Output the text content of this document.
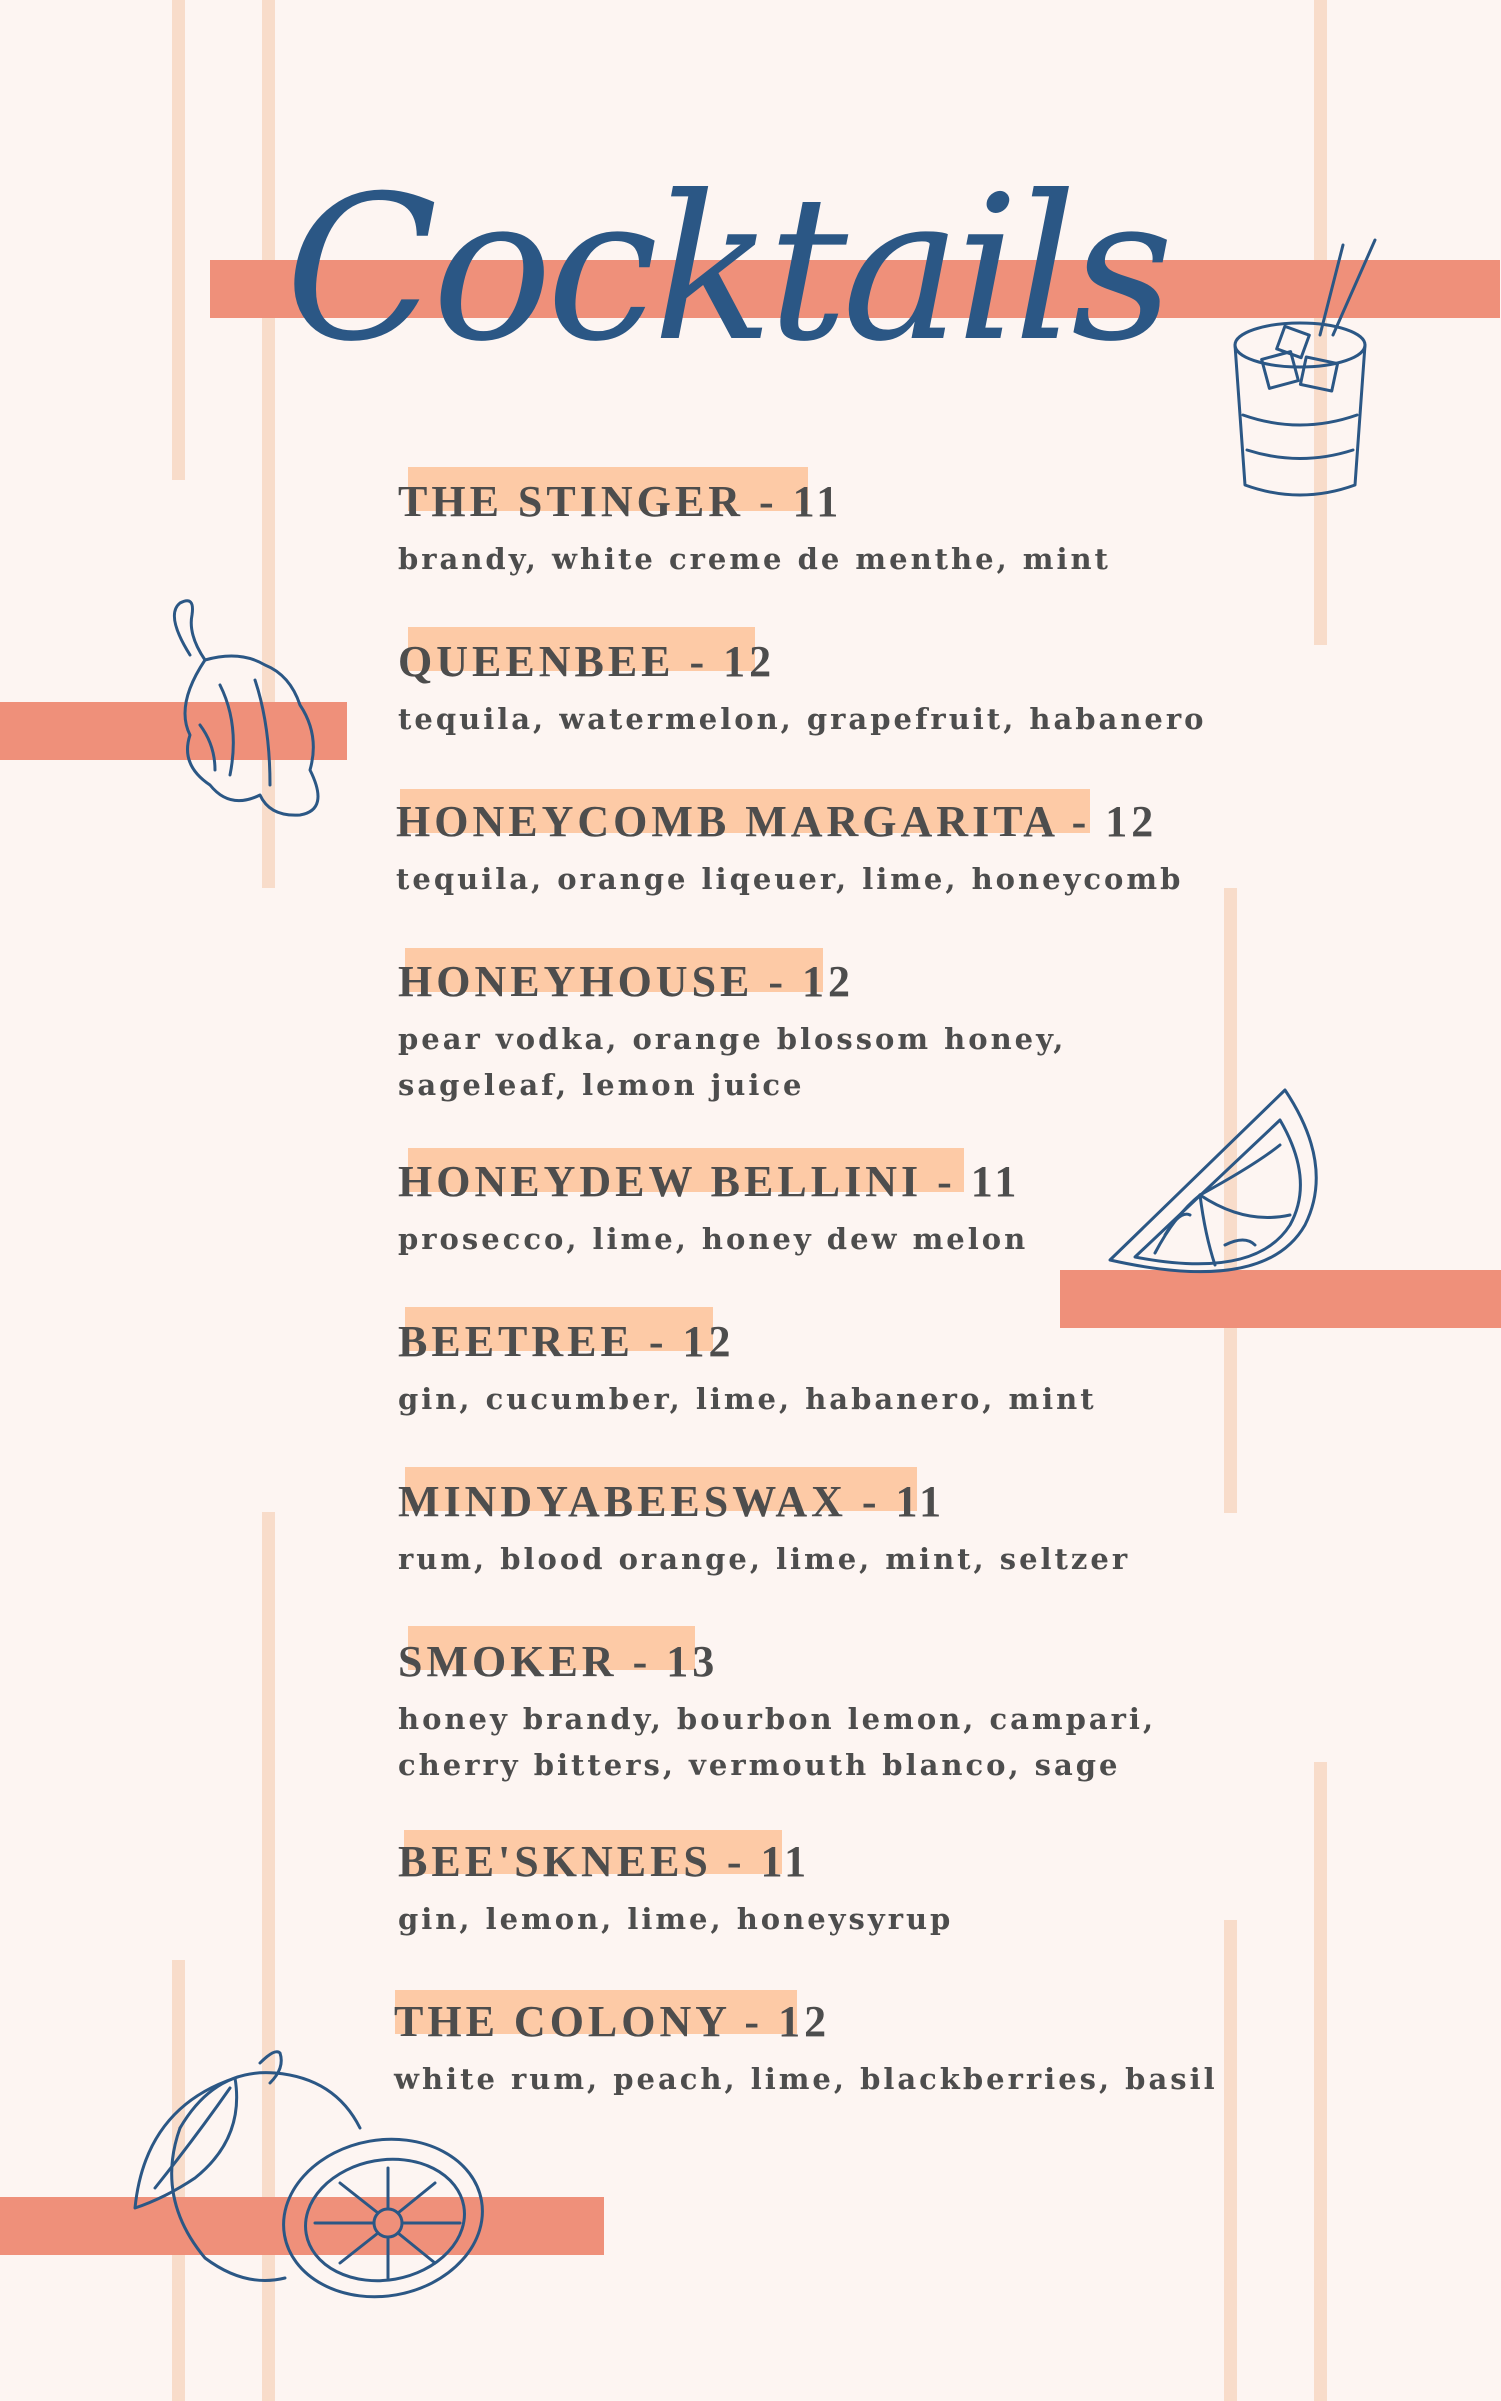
Cocktails
THE STINGER - 11
brandy, white creme de menthe, mint
QUEENBEE - 12
tequila, watermelon, grapefruit, habanero
HONEYCOMB MARGARITA - 12
tequila, orange liqeuer, lime, honeycomb
HONEYHOUSE - 12
pear vodka, orange blossom honey,
sageleaf, lemon juice
HONEYDEW BELLINI - 11
prosecco, lime, honey dew melon
BEETREE - 12
gin, cucumber, lime, habanero, mint
MINDYABEESWAX - 11
rum, blood orange, lime, mint, seltzer
SMOKER - 13
honey brandy, bourbon lemon, campari,
cherry bitters, vermouth blanco, sage
BEE'SKNEES - 11
gin, lemon, lime, honeysyrup
THE COLONY - 12
white rum, peach, lime, blackberries, basil
